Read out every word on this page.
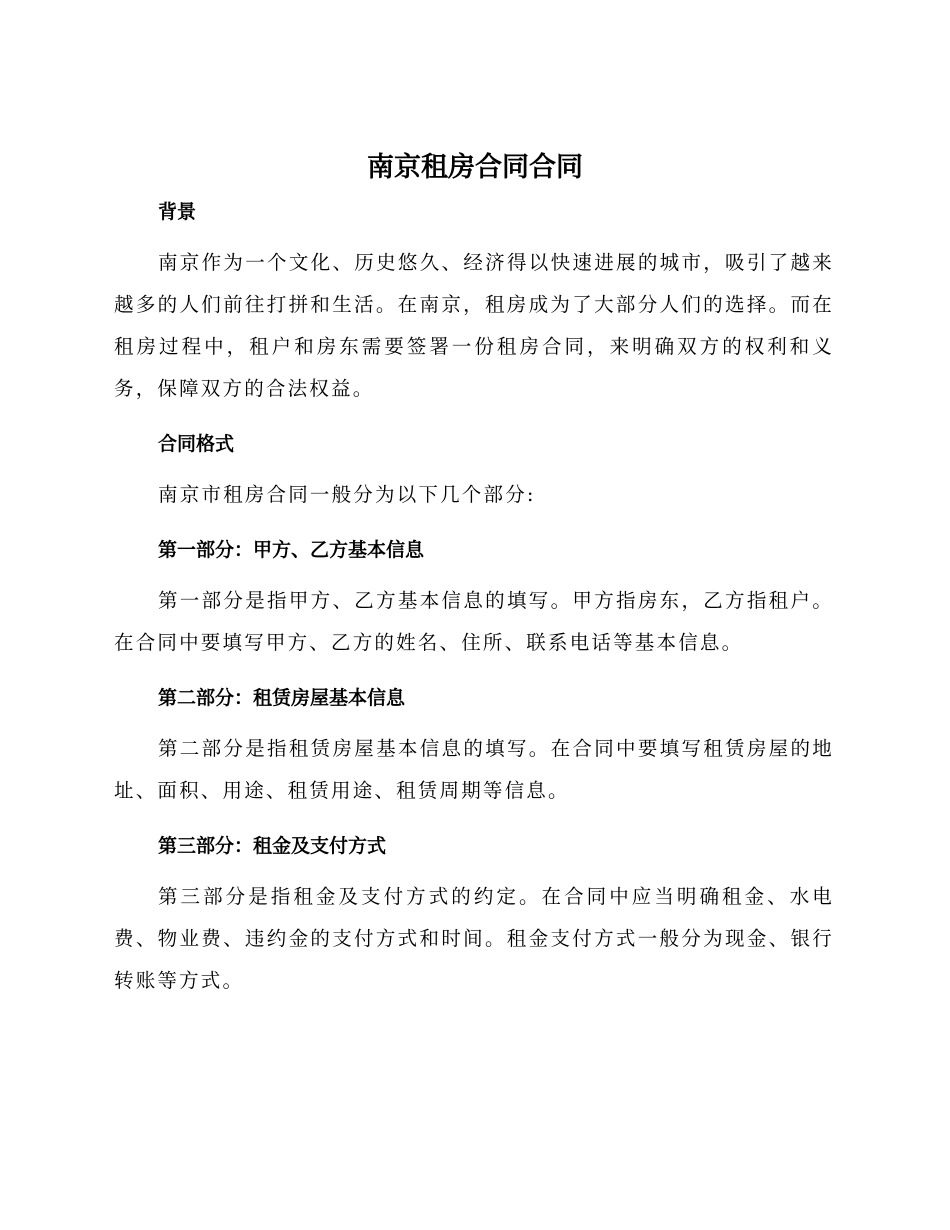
南京租房合同合同
背景

南京作为一个文化、历史悠久、经济得以快速进展的城市，吸引了越来越多的人们前往打拼和生活。在南京，租房成为了大部分人们的选择。而在租房过程中，租户和房东需要签署一份租房合同，来明确双方的权利和义务，保障双方的合法权益。

合同格式

南京市租房合同一般分为以下几个部分:

第一部分：甲方、乙方基本信息

第一部分是指甲方、乙方基本信息的填写。甲方指房东，乙方指租户。在合同中要填写甲方、乙方的姓名、住所、联系电话等基本信息。

第二部分：租赁房屋基本信息

第二部分是指租赁房屋基本信息的填写。在合同中要填写租赁房屋的地址、面积、用途、租赁用途、租赁周期等信息。

第三部分：租金及支付方式

第三部分是指租金及支付方式的约定。在合同中应当明确租金、水电费、物业费、违约金的支付方式和时间。租金支付方式一般分为现金、银行转账等方式。
